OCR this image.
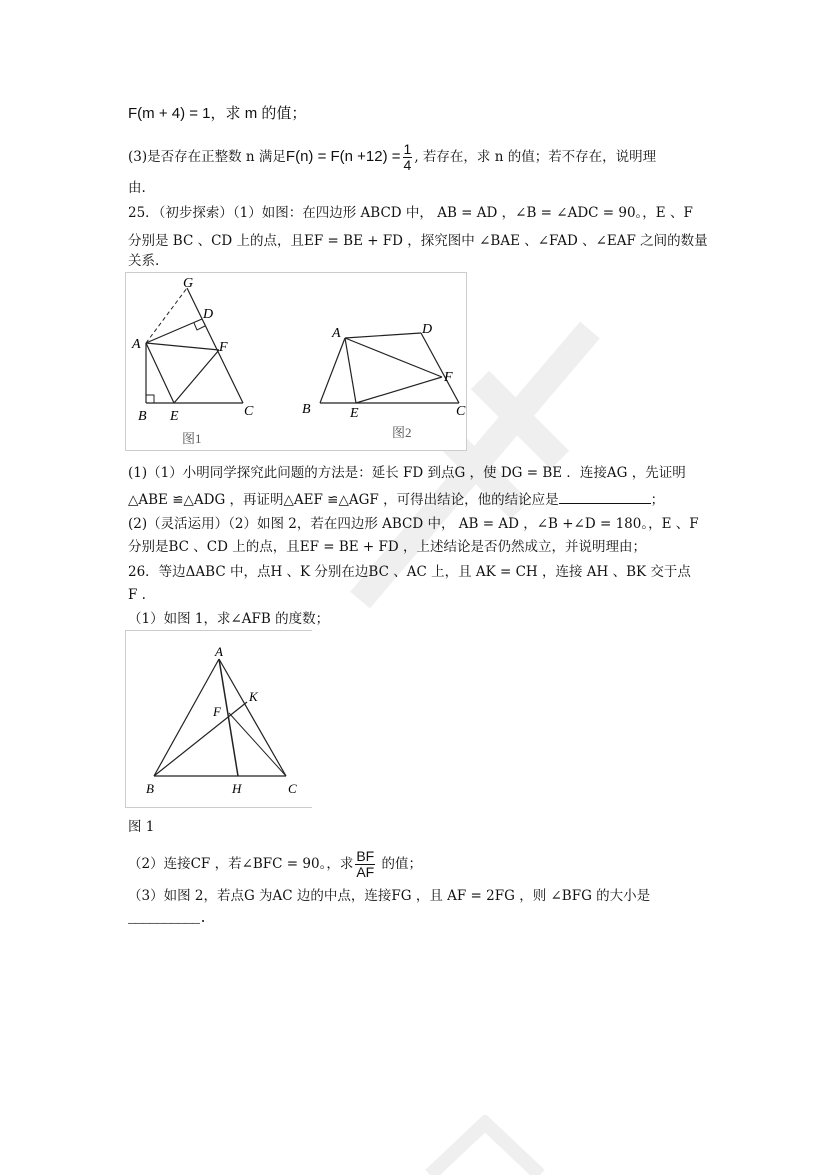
F(m + 4) = 1，求 m 的值；
(3)是否存在正整数 n 满足$F(n) = F(n +12) = \frac{1}{4}$ , 若存在，求 n 的值；若不存在，说明理
由.
25．（初步探索）（1）如图：在四边形 ABCD 中， AB = AD ，∠B = ∠ADC = 90。，E 、F
分别是 BC 、CD 上的点，且EF = BE + FD ，探究图中 ∠BAE 、∠FAD 、∠EAF 之间的数量
关系.
G
D
A	F
B E	C
图1
A	D
F
B	E	C
图2
(1)（1）小明同学探究此问题的方法是：延长 FD 到点G ，使 DG = BE ．连接AG ，先证明
△ABE ≌△ADG ，再证明△AEF ≌△AGF ，可得出结论，他的结论应是	；
(2)（灵活运用）（2）如图 2，若在四边形 ABCD 中， AB = AD ，∠B +∠D = 180。，E 、F
分别是BC 、CD 上的点，且EF = BE + FD ，上述结论是否仍然成立，并说明理由；
26．等边ΔABC 中，点H 、K 分别在边BC 、AC 上，且 AK = CH ，连接 AH 、BK 交于点
F .
（1）如图 1，求∠AFB 的度数；
A
K
F
B	H	C
图 1
（2）连接CF ，若∠BFC = 90。，求 $\frac{BF}{AF}$ 的值；
（3）如图 2，若点G 为AC 边的中点，连接FG ，且 AF = 2FG ，则 ∠BFG 的大小是
__________.
